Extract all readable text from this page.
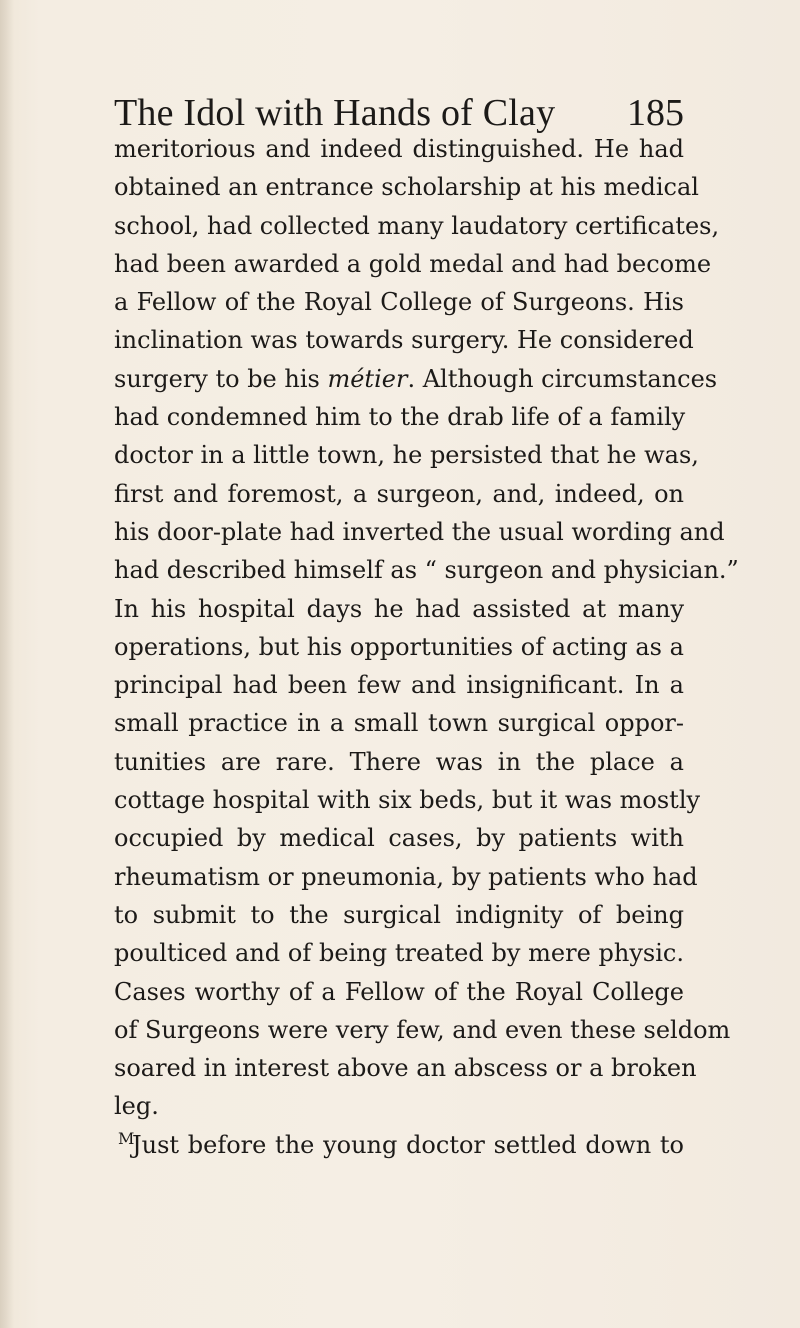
The Idol with Hands of Clay 185
meritorious and indeed distinguished. He had
obtained an entrance scholarship at his medical
school, had collected many laudatory certificates,
had been awarded a gold medal and had become
a Fellow of the Royal College of Surgeons. His
inclination was towards surgery. He considered
surgery to be his métier. Although circumstances
had condemned him to the drab life of a family
doctor in a little town, he persisted that he was,
first and foremost, a surgeon, and, indeed, on
his door-plate had inverted the usual wording and
had described himself as “ surgeon and physician.”
In his hospital days he had assisted at many
operations, but his opportunities of acting as a
principal had been few and insignificant. In a
small practice in a small town surgical oppor-
tunities are rare. There was in the place a
cottage hospital with six beds, but it was mostly
occupied by medical cases, by patients with
rheumatism or pneumonia, by patients who had
to submit to the surgical indignity of being
poulticed and of being treated by mere physic.
Cases worthy of a Fellow of the Royal College
of Surgeons were very few, and even these seldom
soared in interest above an abscess or a broken
leg.
Just before the young doctor settled down to
M
